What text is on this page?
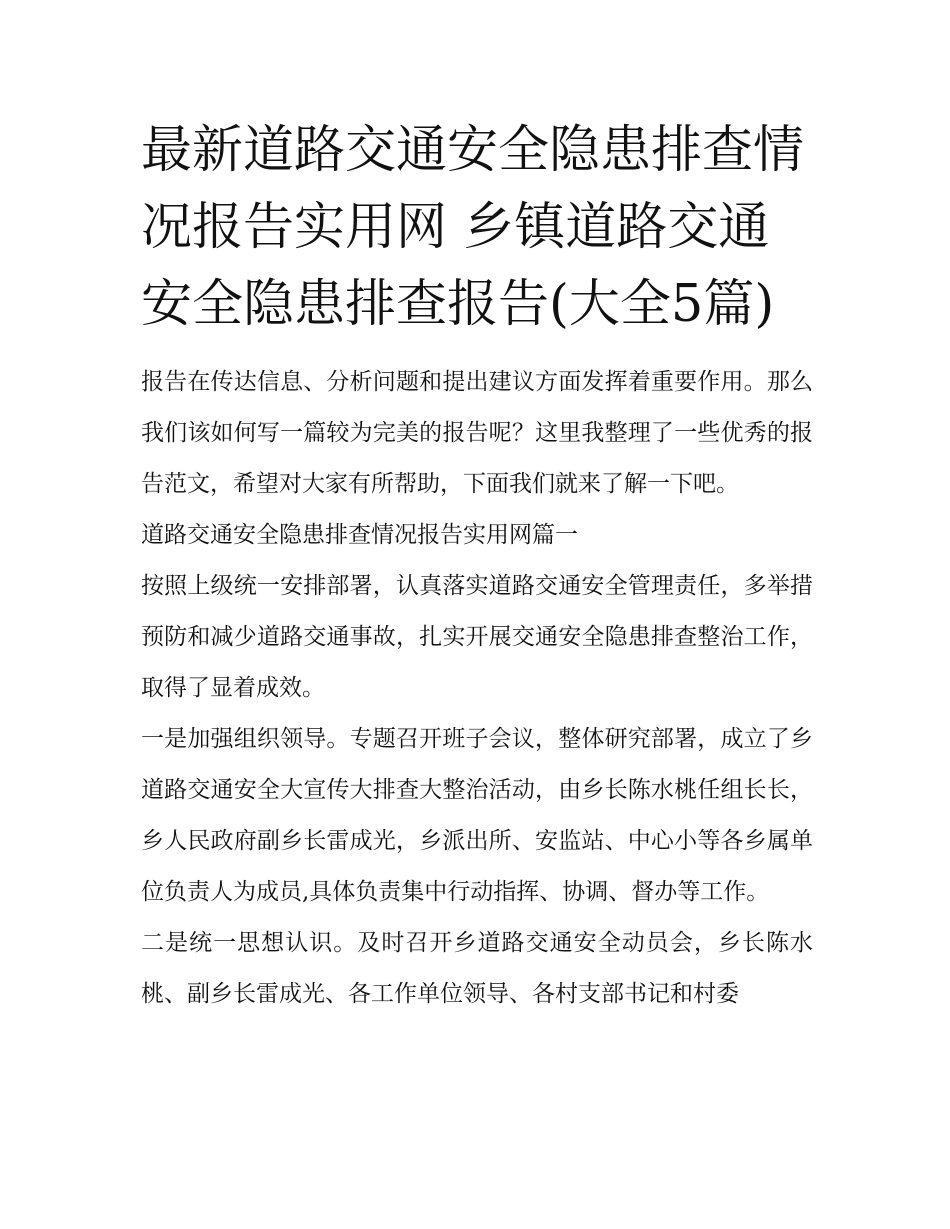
最新道路交通安全隐患排查情况报告实用网 乡镇道路交通安全隐患排查报告(大全5篇)

报告在传达信息、分析问题和提出建议方面发挥着重要作用。那么我们该如何写一篇较为完美的报告呢？这里我整理了一些优秀的报告范文，希望对大家有所帮助，下面我们就来了解一下吧。

道路交通安全隐患排查情况报告实用网篇一

按照上级统一安排部署，认真落实道路交通安全管理责任，多举措预防和减少道路交通事故，扎实开展交通安全隐患排查整治工作，取得了显着成效。

一是加强组织领导。专题召开班子会议，整体研究部署，成立了乡道路交通安全大宣传大排查大整治活动，由乡长陈水桃任组长长，乡人民政府副乡长雷成光，乡派出所、安监站、中心小等各乡属单位负责人为成员,具体负责集中行动指挥、协调、督办等工作。

二是统一思想认识。及时召开乡道路交通安全动员会，乡长陈水桃、副乡长雷成光、各工作单位领导、各村支部书记和村委
